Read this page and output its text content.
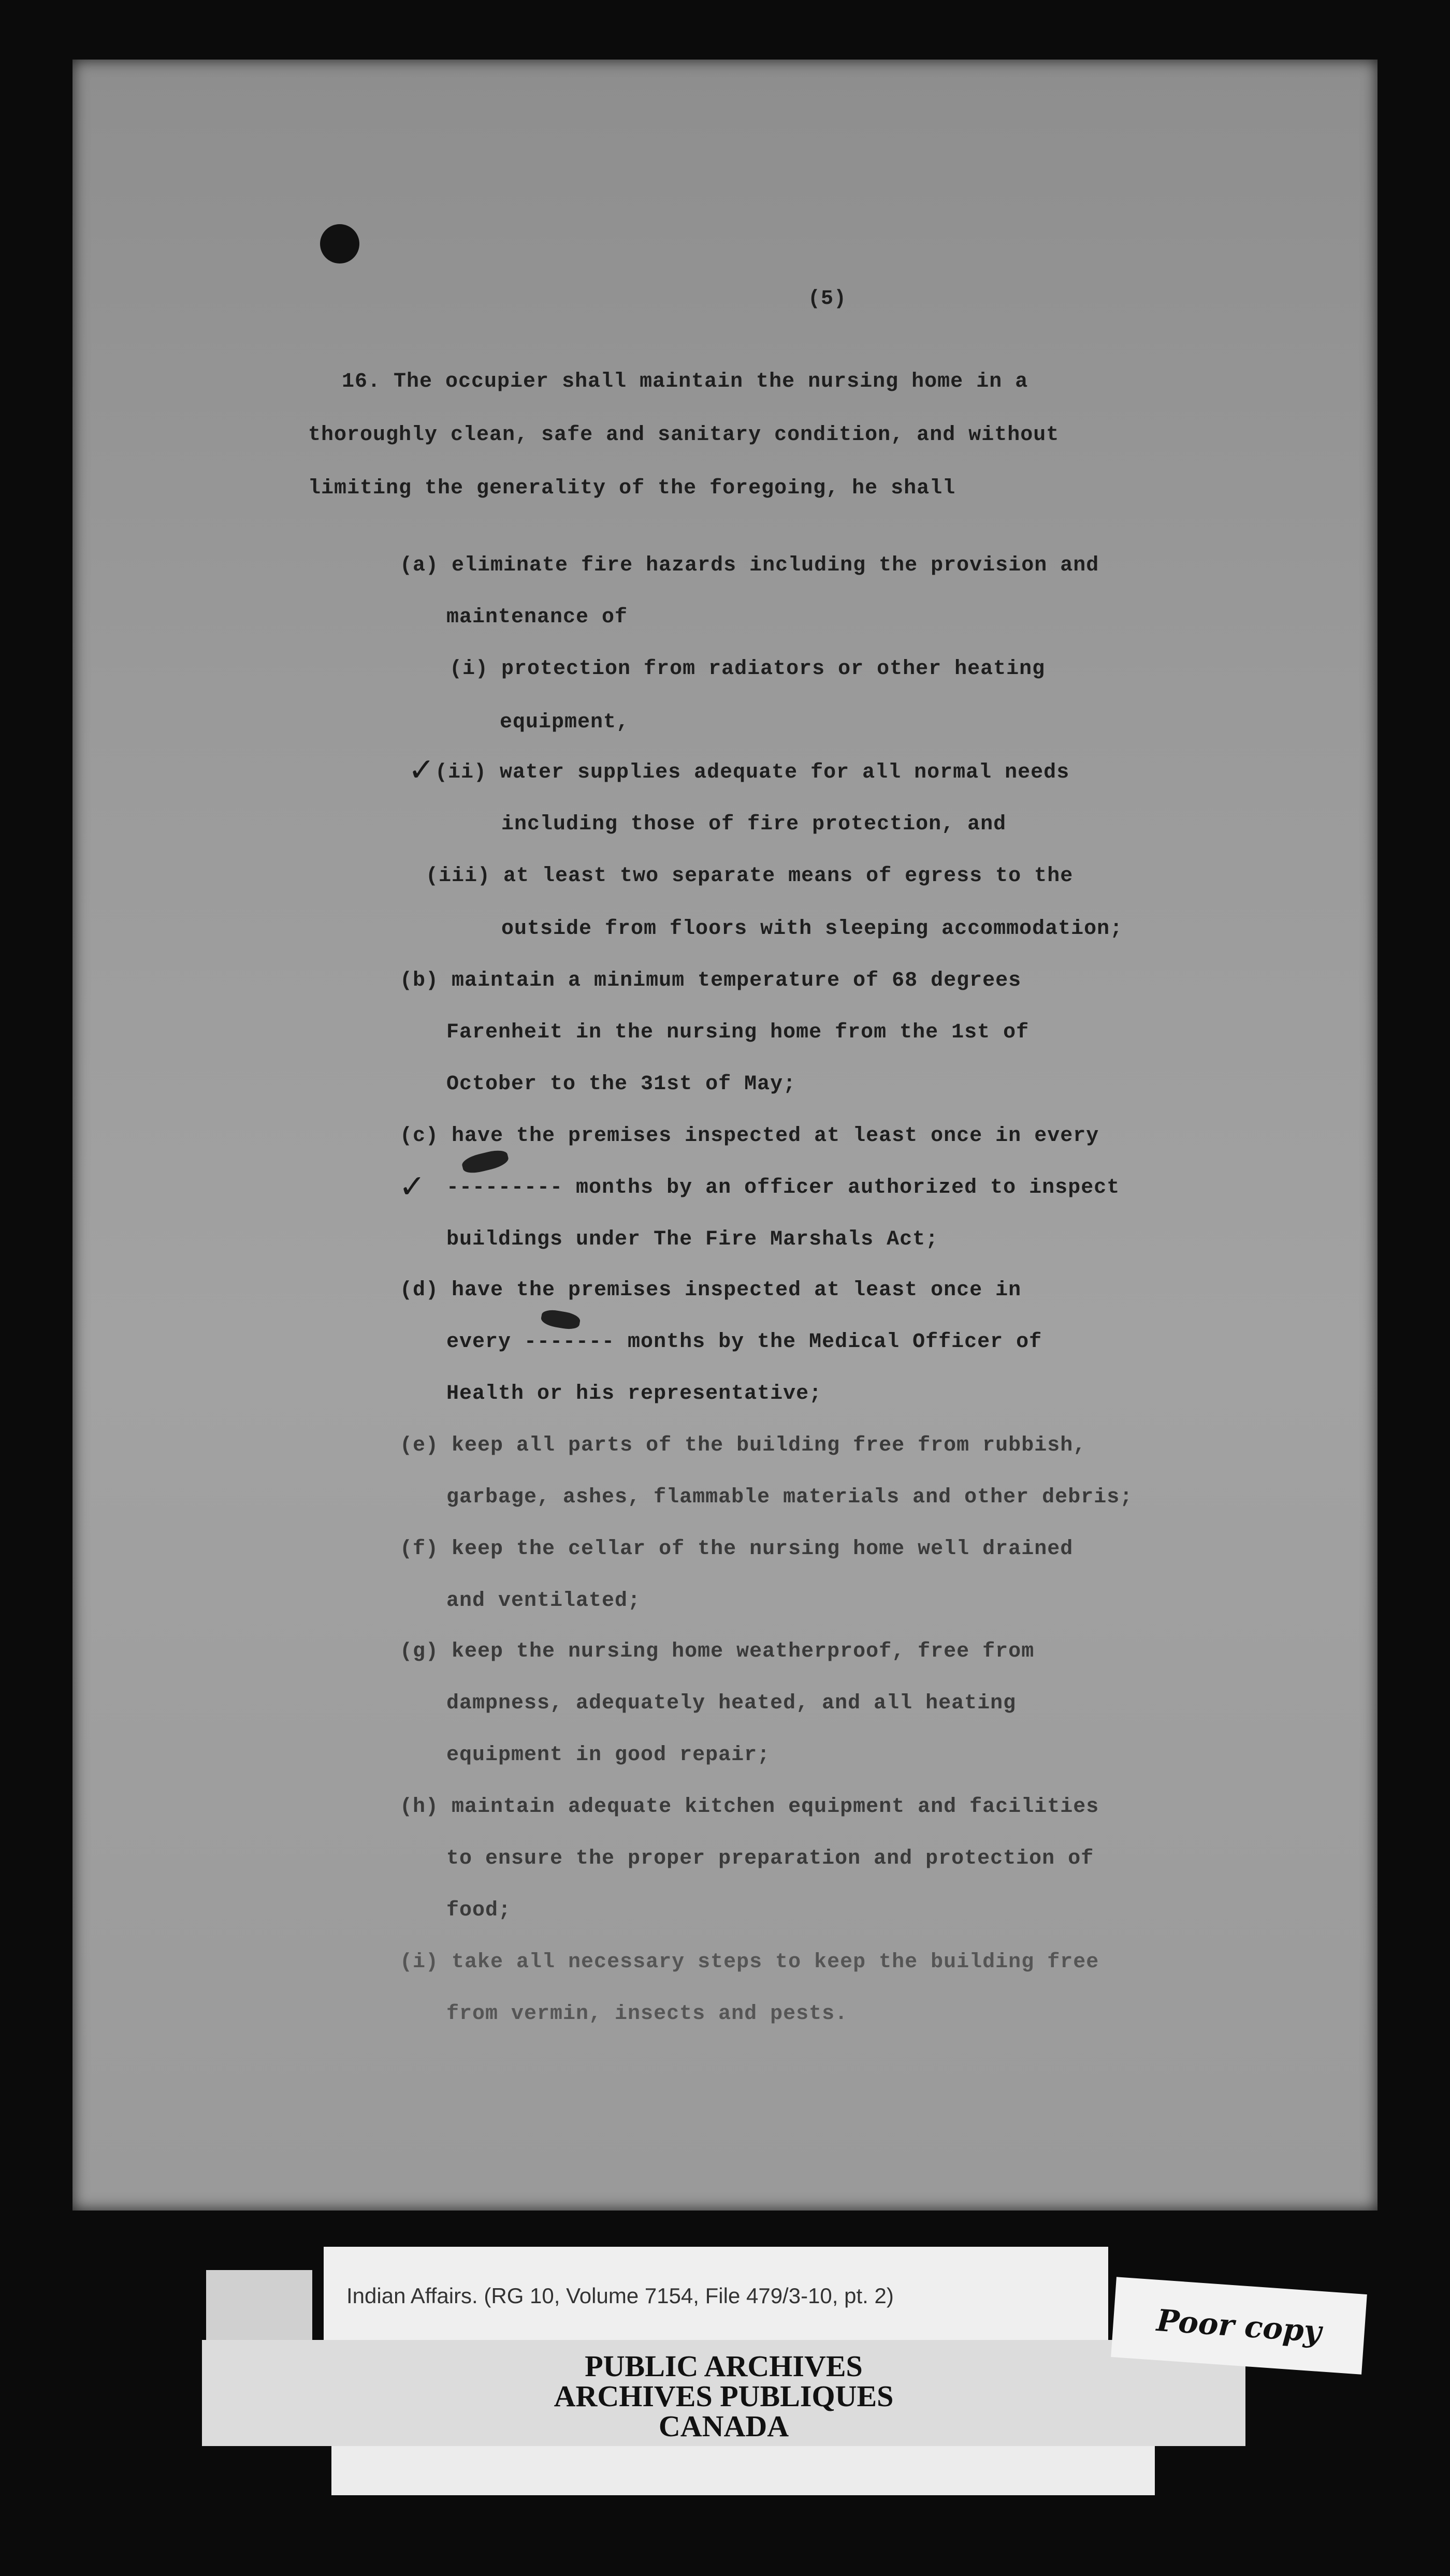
(5)
16. The occupier shall maintain the nursing home in a
thoroughly clean, safe and sanitary condition, and without
limiting the generality of the foregoing, he shall
(a) eliminate fire hazards including the provision and
maintenance of
(i) protection from radiators or other heating
equipment,
✓ (ii) water supplies adequate for all normal needs
including those of fire protection, and
(iii) at least two separate means of egress to the
outside from floors with sleeping accommodation;
(b) maintain a minimum temperature of 68 degrees
Farenheit in the nursing home from the 1st of
October to the 31st of May;
(c) have the premises inspected at least once in every
✓ --------- months by an officer authorized to inspect
buildings under The Fire Marshals Act;
(d) have the premises inspected at least once in
every ------- months by the Medical Officer of
Health or his representative;
(e) keep all parts of the building free from rubbish,
garbage, ashes, flammable materials and other debris;
(f) keep the cellar of the nursing home well drained
and ventilated;
(g) keep the nursing home weatherproof, free from
dampness, adequately heated, and all heating
equipment in good repair;
(h) maintain adequate kitchen equipment and facilities
to ensure the proper preparation and protection of
food;
(i) take all necessary steps to keep the building free
from vermin, insects and pests.
Indian Affairs. (RG 10, Volume 7154, File 479/3-10, pt. 2)
PUBLIC ARCHIVES
ARCHIVES PUBLIQUES
CANADA
Poor copy
